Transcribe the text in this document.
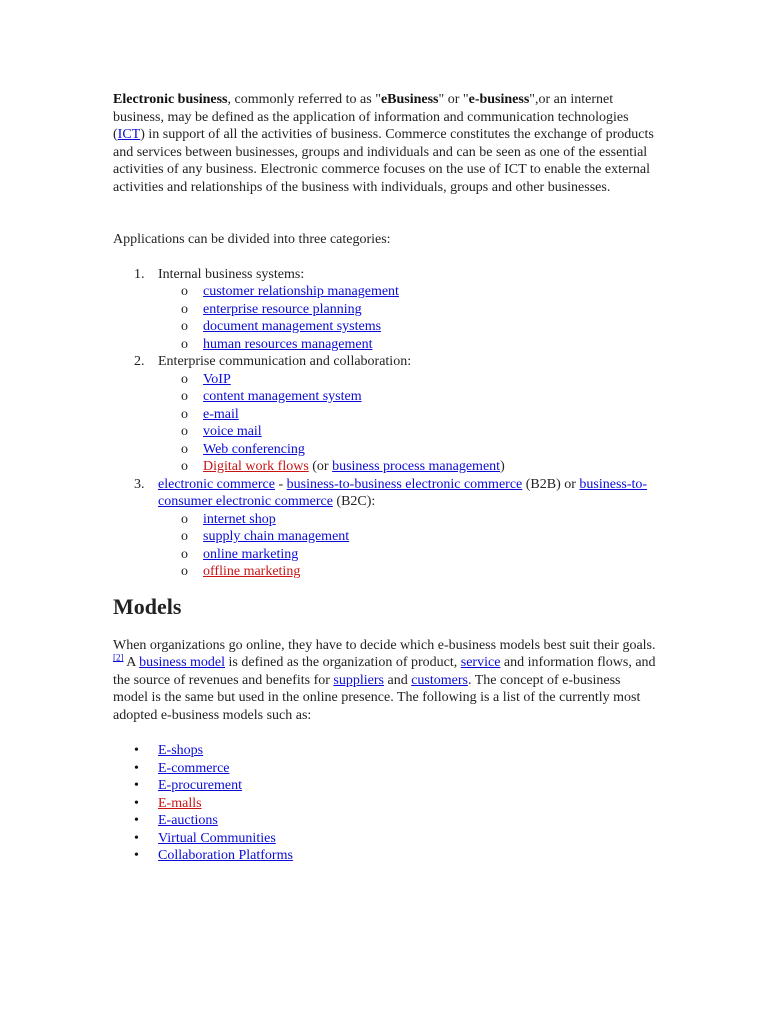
Electronic business, commonly referred to as "eBusiness" or "e-business",or an internet business, may be defined as the application of information and communication technologies (ICT) in support of all the activities of business. Commerce constitutes the exchange of products and services between businesses, groups and individuals and can be seen as one of the essential activities of any business. Electronic commerce focuses on the use of ICT to enable the external activities and relationships of the business with individuals, groups and other businesses.

Applications can be divided into three categories:

Internal business systems:
o customer relationship management
o enterprise resource planning
o document management systems
o human resources management
Enterprise communication and collaboration:
o VoIP
o content management system
o e-mail
o voice mail
o Web conferencing
o Digital work flows (or business process management)
electronic commerce - business-to-business electronic commerce (B2B) or business-to-consumer electronic commerce (B2C):
o internet shop
o supply chain management
o online marketing
o offline marketing
Models

When organizations go online, they have to decide which e-business models best suit their goals.[2] A business model is defined as the organization of product, service and information flows, and the source of revenues and benefits for suppliers and customers. The concept of e-business model is the same but used in the online presence. The following is a list of the currently most adopted e-business models such as:

• E-shops
• E-commerce
• E-procurement
• E-malls
• E-auctions
• Virtual Communities
• Collaboration Platforms
